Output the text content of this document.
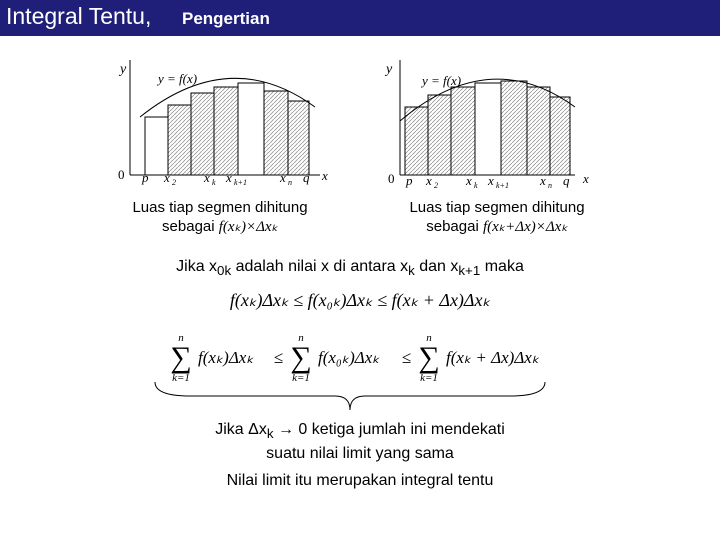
Integral Tentu, Pengertian
y
y = f(x)
0 p x 2 x k x k+1	x n q x
y
y = f(x)
0 p x 2 x k x k+1 x n q x
Luas tiap segmen dihitung
sebagai f(xₖ)×Δxₖ
Luas tiap segmen dihitung
sebagai f(xₖ+Δx)×Δxₖ
Jika $x_{0k}$ adalah nilai x di antara $x_k$ dan $x_{k+1}$ maka
f(xₖ)Δxₖ ≤ f(x₀ₖ)Δxₖ ≤ f(xₖ + Δx)Δxₖ
n
∑
k=1
f(xₖ)Δxₖ ≤
n
∑
k=1
f(x₀ₖ)Δxₖ ≤
n
∑
k=1
f(xₖ + Δx)Δxₖ
Jika $\Delta x_k \to 0$ ketiga jumlah ini mendekati
suatu nilai limit yang sama
Nilai limit itu merupakan integral tentu
